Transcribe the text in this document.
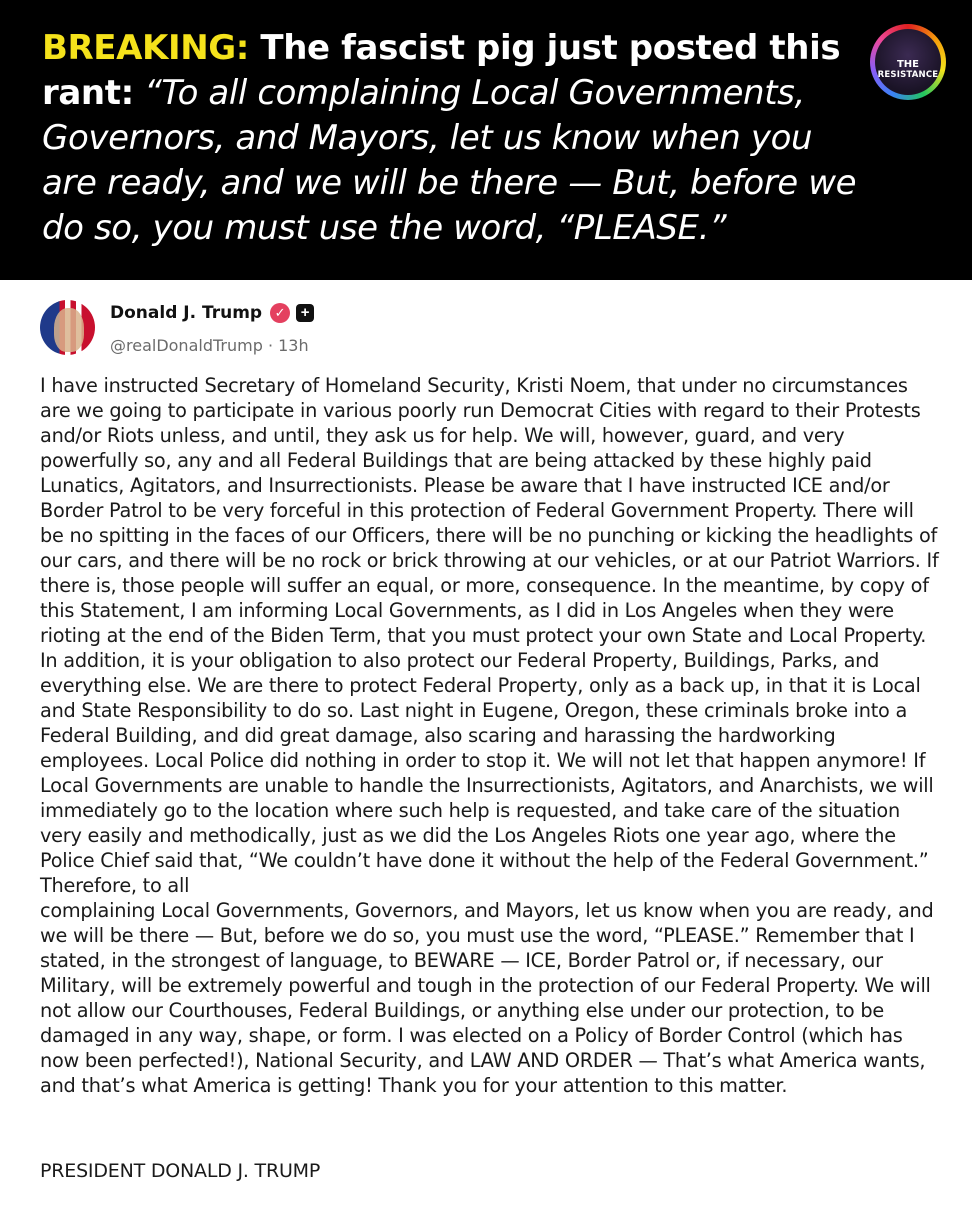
BREAKING: The fascist pig just posted this rant: “To all complaining Local Governments, Governors, and Mayors, let us know when you are ready, and we will be there — But, before we do so, you must use the word, “PLEASE.”
THE
RESISTANCE
Donald J. Trump ✓	+
@realDonaldTrump · 13h
I have instructed Secretary of Homeland Security, Kristi Noem, that under no circumstances are we going to participate in various poorly run Democrat Cities with regard to their Protests and/or Riots unless, and until, they ask us for help. We will, however, guard, and very powerfully so, any and all Federal Buildings that are being attacked by these highly paid Lunatics, Agitators, and Insurrectionists. Please be aware that I have instructed ICE and/or Border Patrol to be very forceful in this protection of Federal Government Property. There will be no spitting in the faces of our Officers, there will be no punching or kicking the headlights of our cars, and there will be no rock or brick throwing at our vehicles, or at our Patriot Warriors. If there is, those people will suffer an equal, or more, consequence. In the meantime, by copy of this Statement, I am informing Local Governments, as I did in Los Angeles when they were rioting at the end of the Biden Term, that you must protect your own State and Local Property. In addition, it is your obligation to also protect our Federal Property, Buildings, Parks, and everything else. We are there to protect Federal Property, only as a back up, in that it is Local and State Responsibility to do so. Last night in Eugene, Oregon, these criminals broke into a Federal Building, and did great damage, also scaring and harassing the hardworking employees. Local Police did nothing in order to stop it. We will not let that happen anymore! If Local Governments are unable to handle the Insurrectionists, Agitators, and Anarchists, we will immediately go to the location where such help is requested, and take care of the situation very easily and methodically, just as we did the Los Angeles Riots one year ago, where the Police Chief said that, “We couldn’t have done it without the help of the Federal Government.” Therefore, to all
complaining Local Governments, Governors, and Mayors, let us know when you are ready, and we will be there — But, before we do so, you must use the word, “PLEASE.” Remember that I stated, in the strongest of language, to BEWARE — ICE, Border Patrol or, if necessary, our Military, will be extremely powerful and tough in the protection of our Federal Property. We will not allow our Courthouses, Federal Buildings, or anything else under our protection, to be damaged in any way, shape, or form. I was elected on a Policy of Border Control (which has now been perfected!), National Security, and LAW AND ORDER — That’s what America wants, and that’s what America is getting! Thank you for your attention to this matter.
PRESIDENT DONALD J. TRUMP
